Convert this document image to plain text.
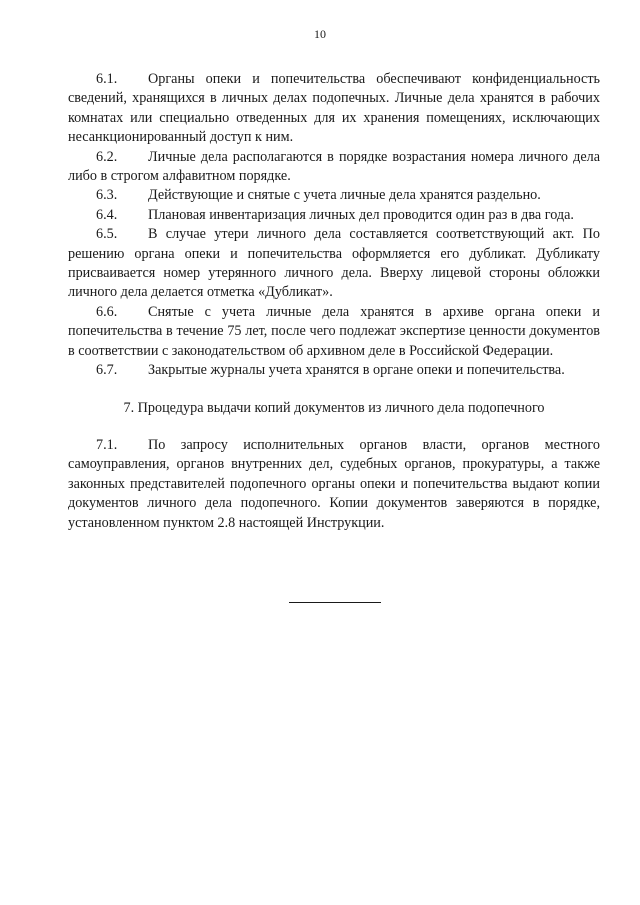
10

6.1. Органы опеки и попечительства обеспечивают конфиденциальность сведений, хранящихся в личных делах подопечных. Личные дела хранятся в рабочих комнатах или специально отведенных для их хранения помещениях, исключающих несанкционированный доступ к ним.

6.2. Личные дела располагаются в порядке возрастания номера личного дела либо в строгом алфавитном порядке.

6.3. Действующие и снятые с учета личные дела хранятся раздельно.

6.4. Плановая инвентаризация личных дел проводится один раз в два года.

6.5. В случае утери личного дела составляется соответствующий акт. По решению органа опеки и попечительства оформляется его дубликат. Дубликату присваивается номер утерянного личного дела. Вверху лицевой стороны обложки личного дела делается отметка «Дубликат».

6.6. Снятые с учета личные дела хранятся в архиве органа опеки и попечительства в течение 75 лет, после чего подлежат экспертизе ценности документов в соответствии с законодательством об архивном деле в Российской Федерации.

6.7. Закрытые журналы учета хранятся в органе опеки и попечительства.

7. Процедура выдачи копий документов из личного дела подопечного

7.1. По запросу исполнительных органов власти, органов местного самоуправления, органов внутренних дел, судебных органов, прокуратуры, а также законных представителей подопечного органы опеки и попечительства выдают копии документов личного дела подопечного. Копии документов заверяются в порядке, установленном пунктом 2.8 настоящей Инструкции.
